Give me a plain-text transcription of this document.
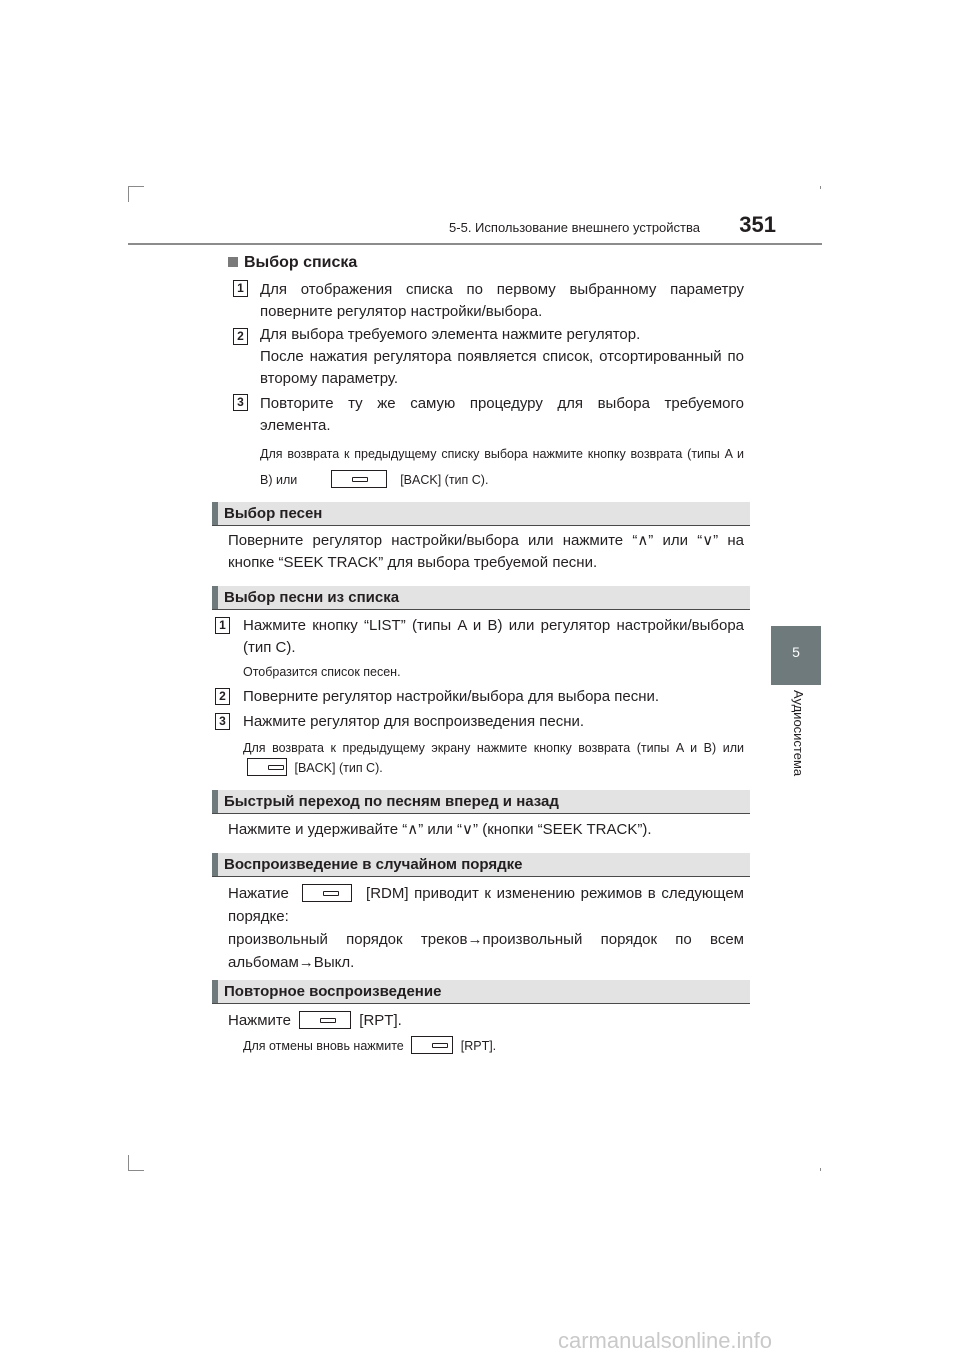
5-5. Использование внешнего устройства	351
5
Аудиосистема
Выбор списка
1 Для отображения списка по первому выбранному параметру поверните регулятор настройки/выбора.
2 Для выбора требуемого элемента нажмите регулятор.
После нажатия регулятора появляется список, отсортированный по второму параметру.
3 Повторите ту же самую процедуру для выбора требуемого элемента.
Для возврата к предыдущему списку выбора нажмите кнопку возврата (типы A и B) или	[BACK] (тип C).
Выбор песен
Поверните регулятор настройки/выбора или нажмите “∧” или “∨” на кнопке “SEEK TRACK” для выбора требуемой песни.
Выбор песни из списка
1 Нажмите кнопку “LIST” (типы A и B) или регулятор настройки/выбора (тип C).
Отобразится список песен.
2 Поверните регулятор настройки/выбора для выбора песни.
3 Нажмите регулятор для воспроизведения песни.
Для возврата к предыдущему экрану нажмите кнопку возврата (типы A и B) или  [BACK] (тип C).
Быстрый переход по песням вперед и назад
Нажмите и удерживайте “∧” или “∨” (кнопки “SEEK TRACK”).
Воспроизведение в случайном порядке
Нажатие	[RDM] приводит к изменению режимов в следующем порядке:
произвольный порядок треков→произвольный порядок по всем альбомам→Выкл.
Повторное воспроизведение
Нажмите	[RPT].
Для отмены вновь нажмите	[RPT].
carmanualsonline.info
